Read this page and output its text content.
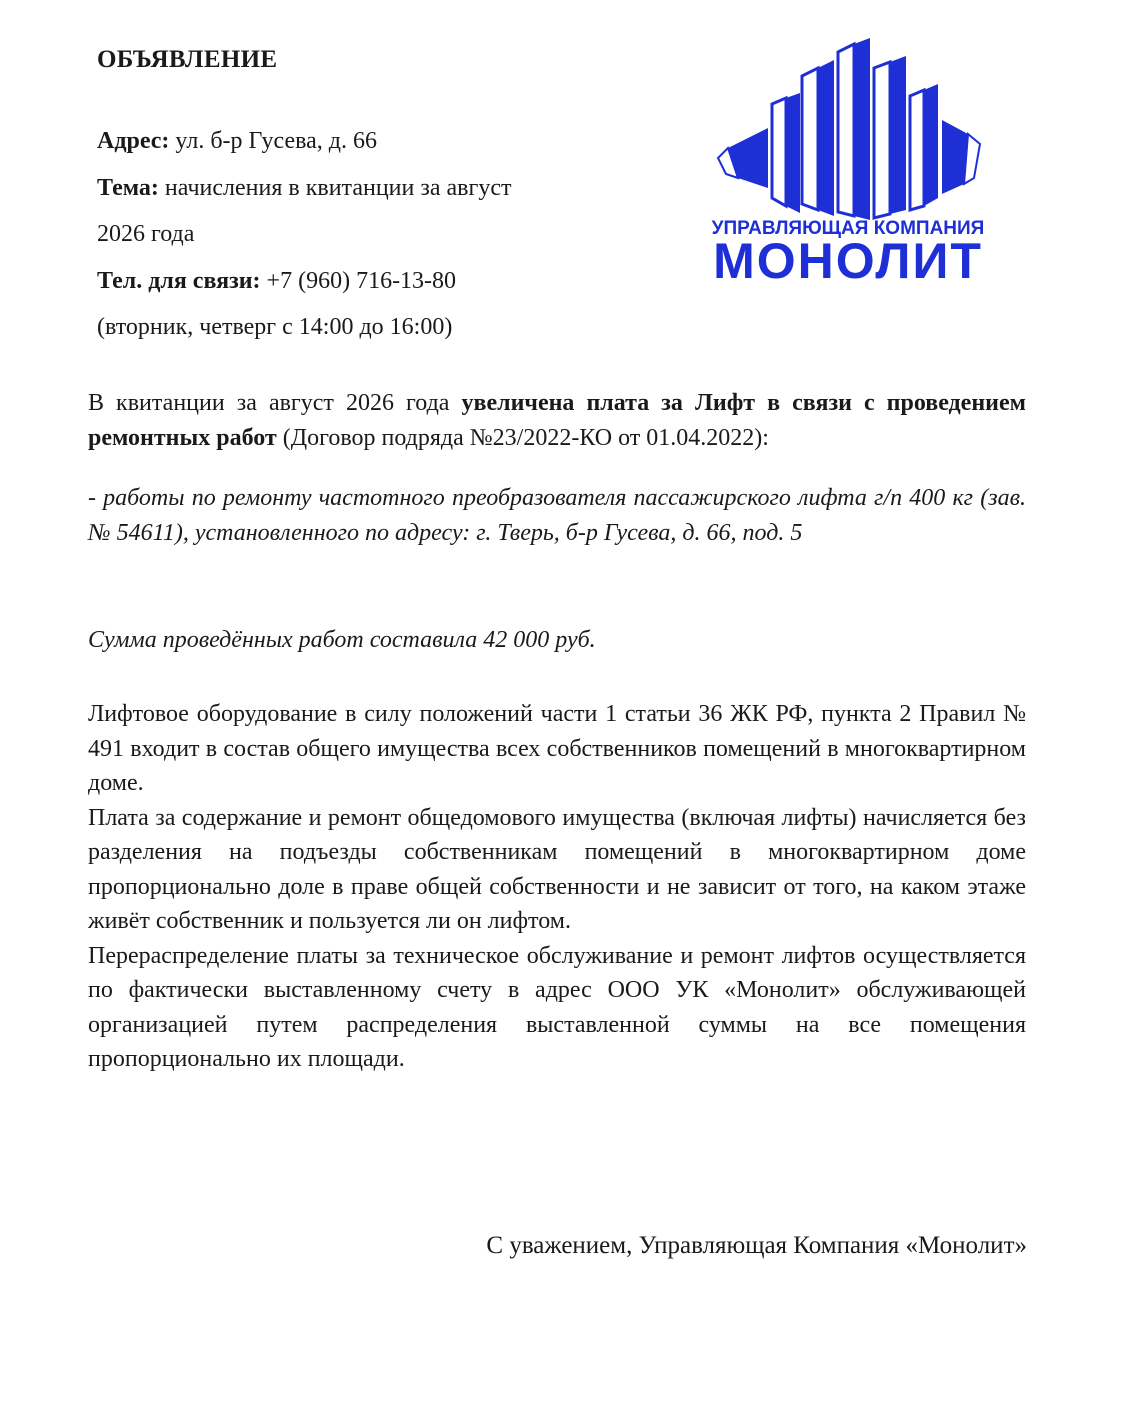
ОБЪЯВЛЕНИЕ
Адрес: ул. б-р Гусева, д. 66
Тема: начисления в квитанции за август
2026 года
Тел. для связи: +7 (960) 716-13-80
(вторник, четверг с 14:00 до 16:00)
УПРАВЛЯЮЩАЯ КОМПАНИЯ
МОНОЛИТ

В квитанции за август 2026 года увеличена плата за Лифт в связи с проведением ремонтных работ (Договор подряда №23/2022-КО от 01.04.2022):

- работы по ремонту частотного преобразователя пассажирского лифта г/п 400 кг (зав. № 54611), установленного по адресу: г. Тверь, б-р Гусева, д. 66, под. 5

Сумма проведённых работ составила 42 000 руб.

Лифтовое оборудование в силу положений части 1 статьи 36 ЖК РФ, пункта 2 Правил № 491 входит в состав общего имущества всех собственников помещений в многоквартирном доме.

Плата за содержание и ремонт общедомового имущества (включая лифты) начисляется без разделения на подъезды собственникам помещений в многоквартирном доме пропорционально доле в праве общей собственности и не зависит от того, на каком этаже живёт собственник и пользуется ли он лифтом.

Перераспределение платы за техническое обслуживание и ремонт лифтов осуществляется по фактически выставленному счету в адрес ООО УК «Монолит» обслуживающей организацией путем распределения выставленной суммы на все помещения пропорционально их площади.

С уважением, Управляющая Компания «Монолит»
